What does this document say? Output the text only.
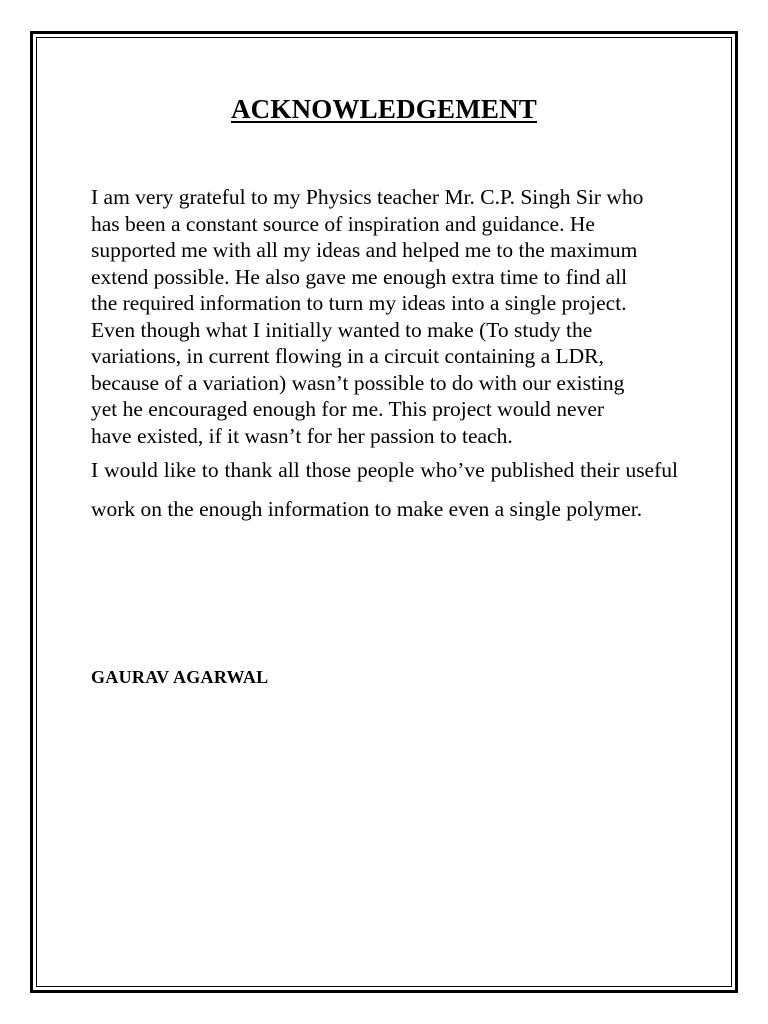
ACKNOWLEDGEMENT
I am very grateful to my Physics teacher Mr. C.P. Singh Sir who
has been a constant source of inspiration and guidance. He
supported me with all my ideas and helped me to the maximum
extend possible. He also gave me enough extra time to find all
the required information to turn my ideas into a single project.
Even though what I initially wanted to make (To study the
variations, in current flowing in a circuit containing a LDR,
because of a variation) wasn’t possible to do with our existing
yet he encouraged enough for me. This project would never
have existed, if it wasn’t for her passion to teach.
I would like to thank all those people who’ve published their useful work on the enough information to make even a single polymer.
GAURAV AGARWAL
